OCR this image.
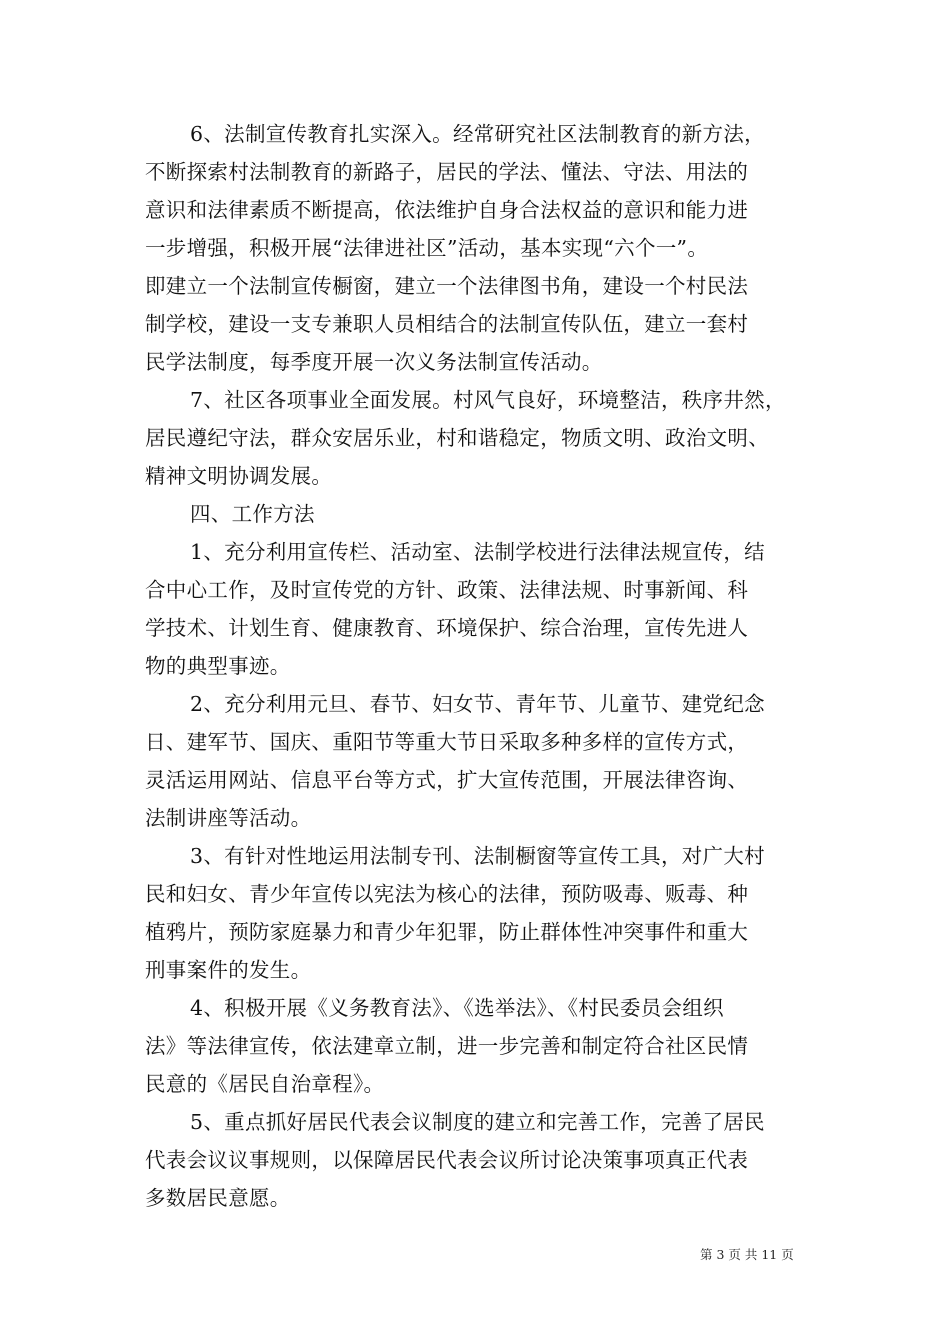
6、法制宣传教育扎实深入。经常研究社区法制教育的新方法，
不断探索村法制教育的新路子，居民的学法、懂法、守法、用法的
意识和法律素质不断提高，依法维护自身合法权益的意识和能力进
一步增强，积极开展“法律进社区”活动，基本实现“六个一”。
即建立一个法制宣传橱窗，建立一个法律图书角，建设一个村民法
制学校，建设一支专兼职人员相结合的法制宣传队伍，建立一套村
民学法制度，每季度开展一次义务法制宣传活动。
7、社区各项事业全面发展。村风气良好，环境整洁，秩序井然，
居民遵纪守法，群众安居乐业，村和谐稳定，物质文明、政治文明、
精神文明协调发展。
四、工作方法
1、充分利用宣传栏、活动室、法制学校进行法律法规宣传，结
合中心工作，及时宣传党的方针、政策、法律法规、时事新闻、科
学技术、计划生育、健康教育、环境保护、综合治理，宣传先进人
物的典型事迹。
2、充分利用元旦、春节、妇女节、青年节、儿童节、建党纪念
日、建军节、国庆、重阳节等重大节日采取多种多样的宣传方式，
灵活运用网站、信息平台等方式，扩大宣传范围，开展法律咨询、
法制讲座等活动。
3、有针对性地运用法制专刊、法制橱窗等宣传工具，对广大村
民和妇女、青少年宣传以宪法为核心的法律，预防吸毒、贩毒、种
植鸦片，预防家庭暴力和青少年犯罪，防止群体性冲突事件和重大
刑事案件的发生。
4、积极开展《义务教育法》、《选举法》、《村民委员会组织
法》等法律宣传，依法建章立制，进一步完善和制定符合社区民情
民意的《居民自治章程》。
5、重点抓好居民代表会议制度的建立和完善工作，完善了居民
代表会议议事规则，以保障居民代表会议所讨论决策事项真正代表
多数居民意愿。
第 3 页 共 11 页
